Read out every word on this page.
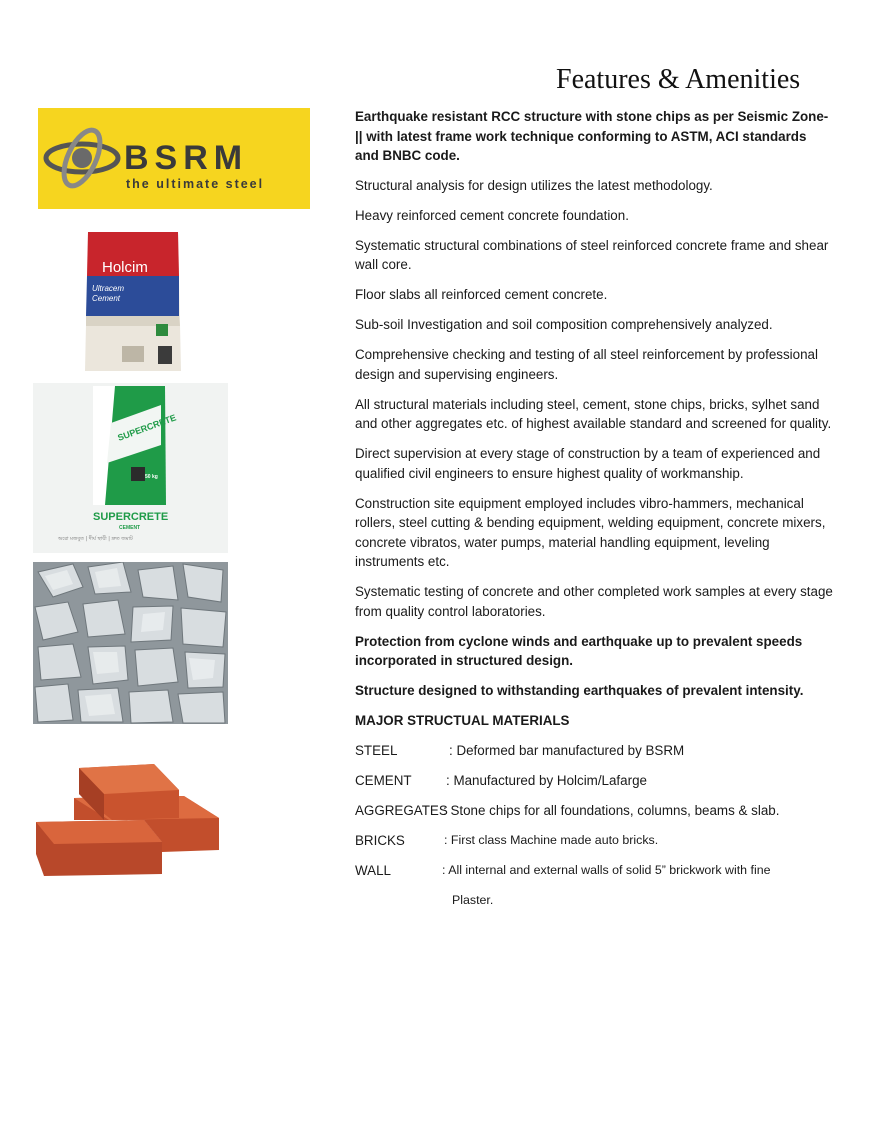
Features & Amenities
BSRM
the ultimate steel
Holcim
Ultracem
Cement
SUPERCRETE
SUPERCRETE
CEMENT
50 kg
অরো মজবুত | দীর্ঘ স্থায়ী | দ্রুত জমাট

Earthquake resistant RCC structure with stone chips as per Seismic Zone-|| with latest frame work technique conforming to ASTM, ACI standards and BNBC code.

Structural analysis for design utilizes the latest methodology.

Heavy reinforced cement concrete foundation.

Systematic structural combinations of steel reinforced concrete frame and shear wall core.

Floor slabs all reinforced cement concrete.

Sub-soil Investigation and soil composition comprehensively analyzed.

Comprehensive checking and testing of all steel reinforcement by professional design and supervising engineers.

All structural materials including steel, cement, stone chips, bricks, sylhet sand and other aggregates etc. of highest available standard and screened for quality.

Direct supervision at every stage of construction by a team of experienced and qualified civil engineers to ensure highest quality of workmanship.

Construction site equipment employed includes vibro-hammers, mechanical rollers, steel cutting & bending equipment, welding equipment, concrete mixers, concrete vibratos, water pumps, material handling equipment, leveling instruments etc.

Systematic testing of concrete and other completed work samples at every stage from quality control laboratories.

Protection from cyclone winds and earthquake up to prevalent speeds incorporated in structured design.

Structure designed to withstanding earthquakes of prevalent intensity.

MAJOR STRUCTUAL MATERIALS

STEEL	: Deformed bar manufactured by BSRM
CEMENT	: Manufactured by Holcim/Lafarge
AGGREGATES
: Stone chips for all foundations, columns, beams & slab.
BRICKS	: First class Machine made auto bricks.
WALL	: All internal and external walls of solid 5” brickwork with fine
Plaster.
